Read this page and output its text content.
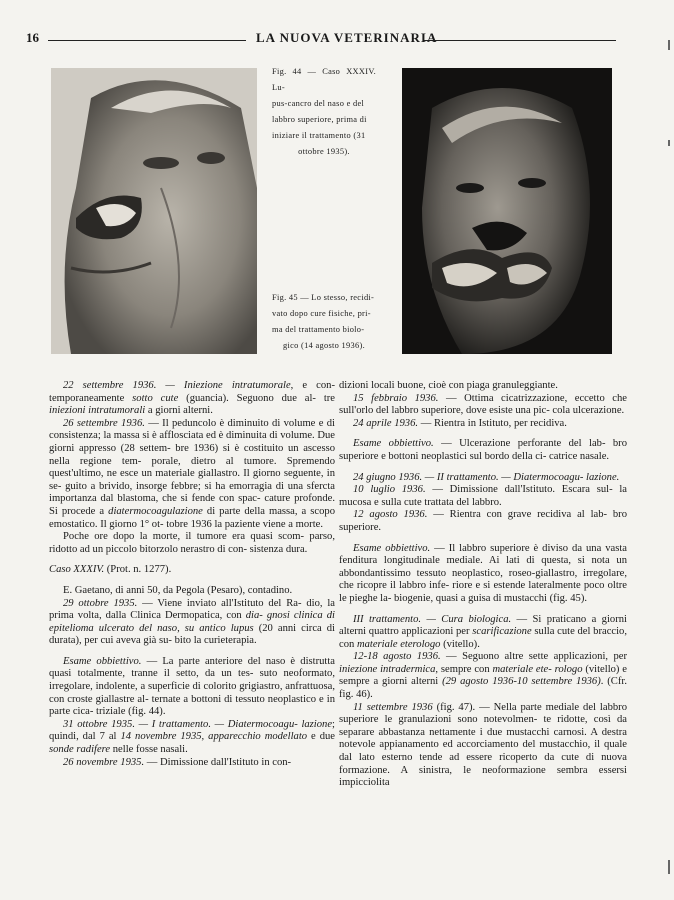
16	LA NUOVA VETERINARIA
Fig. 44 — Caso XXXIV. Lu-
pus-cancro del naso e del
labbro superiore, prima di
iniziare il trattamento (31
ottobre 1935).
Fig. 45 — Lo stesso, recidi-
vato dopo cure fisiche, pri-
ma del trattamento biolo-
gico (14 agosto 1936).

22 settembre 1936. — Iniezione intratumorale, e con- temporaneamente sotto cute (guancia). Seguono due al- tre iniezioni intratumorali a giorni alterni.

26 settembre 1936. — Il peduncolo è diminuito di volume e di consistenza; la massa si è afflosciata ed è diminuita di volume. Due giorni appresso (28 settem- bre 1936) si è costituito un ascesso nella regione tem- porale, dietro al tumore. Spremendo quest'ultimo, ne esce un materiale giallastro. Il giorno seguente, in se- guito a brivido, insorge febbre; si ha emorragia di una sfercta importanza dal blastoma, che si fende con spac- cature profonde. Si procede a diatermocoagulazione di parte della massa, a scopo emostatico. Il giorno 1° ot- tobre 1936 la paziente viene a morte.

Poche ore dopo la morte, il tumore era quasi scom- parso, ridotto ad un piccolo bitorzolo nerastro di con- sistenza dura.

Caso XXXIV. (Prot. n. 1277).

E. Gaetano, di anni 50, da Pegola (Pesaro), contadino.

29 ottobre 1935. — Viene inviato all'Istituto del Ra- dio, la prima volta, dalla Clinica Dermopatica, con dia- gnosi clinica di epitelioma ulcerato del naso, su antico lupus (20 anni circa di durata), per cui aveva già su- bito la curieterapia.

Esame obbiettivo. — La parte anteriore del naso è distrutta quasi totalmente, tranne il setto, da un tes- suto neoformato, irregolare, indolente, a superficie di colorito grigiastro, anfrattuosa, con croste giallastre al- ternate a bottoni di tessuto neoplastico e in parte cica- triziale (fig. 44).

31 ottobre 1935. — I trattamento. — Diatermocoagu- lazione; quindi, dal 7 al 14 novembre 1935, apparecchio modellato e due sonde radifere nelle fosse nasali.

26 novembre 1935. — Dimissione dall'Istituto in con-

dizioni locali buone, cioè con piaga granuleggiante.

15 febbraio 1936. — Ottima cicatrizzazione, eccetto che sull'orlo del labbro superiore, dove esiste una pic- cola ulcerazione.

24 aprile 1936. — Rientra in Istituto, per recidiva.

Esame obbiettivo. — Ulcerazione perforante del lab- bro superiore e bottoni neoplastici sul bordo della ci- catrice nasale.

24 giugno 1936. — II trattamento. — Diatermocoagu- lazione.

10 luglio 1936. — Dimissione dall'Istituto. Escara sul- la mucosa e sulla cute trattata del labbro.

12 agosto 1936. — Rientra con grave recidiva al lab- bro superiore.

Esame obbiettivo. — Il labbro superiore è diviso da una vasta fenditura longitudinale mediale. Ai lati di questa, si nota un abbondantissimo tessuto neoplastico, roseo-giallastro, irregolare, che ricopre il labbro infe- riore e si estende lateralmente poco oltre le pieghe la- biogenie, quasi a guisa di mustacchi (fig. 45).

III trattamento. — Cura biologica. — Si praticano a giorni alterni quattro applicazioni per scarificazione sulla cute del braccio, con materiale eterologo (vitello).

12-18 agosto 1936. — Seguono altre sette applicazioni, per iniezione intradermica, sempre con materiale ete- rologo (vitello) e sempre a giorni alterni (29 agosto 1936-10 settembre 1936). (Cfr. fig. 46).

11 settembre 1936 (fig. 47). — Nella parte mediale del labbro superiore le granulazioni sono notevolmen- te ridotte, così da separare abbastanza nettamente i due mustacchi carnosi. A destra notevole appianamento ed accorciamento del mustacchio, il quale dal lato esterno tende ad essere ricoperto da cute di nuova formazione. A sinistra, le neoformazione sembra essersi impicciolita
